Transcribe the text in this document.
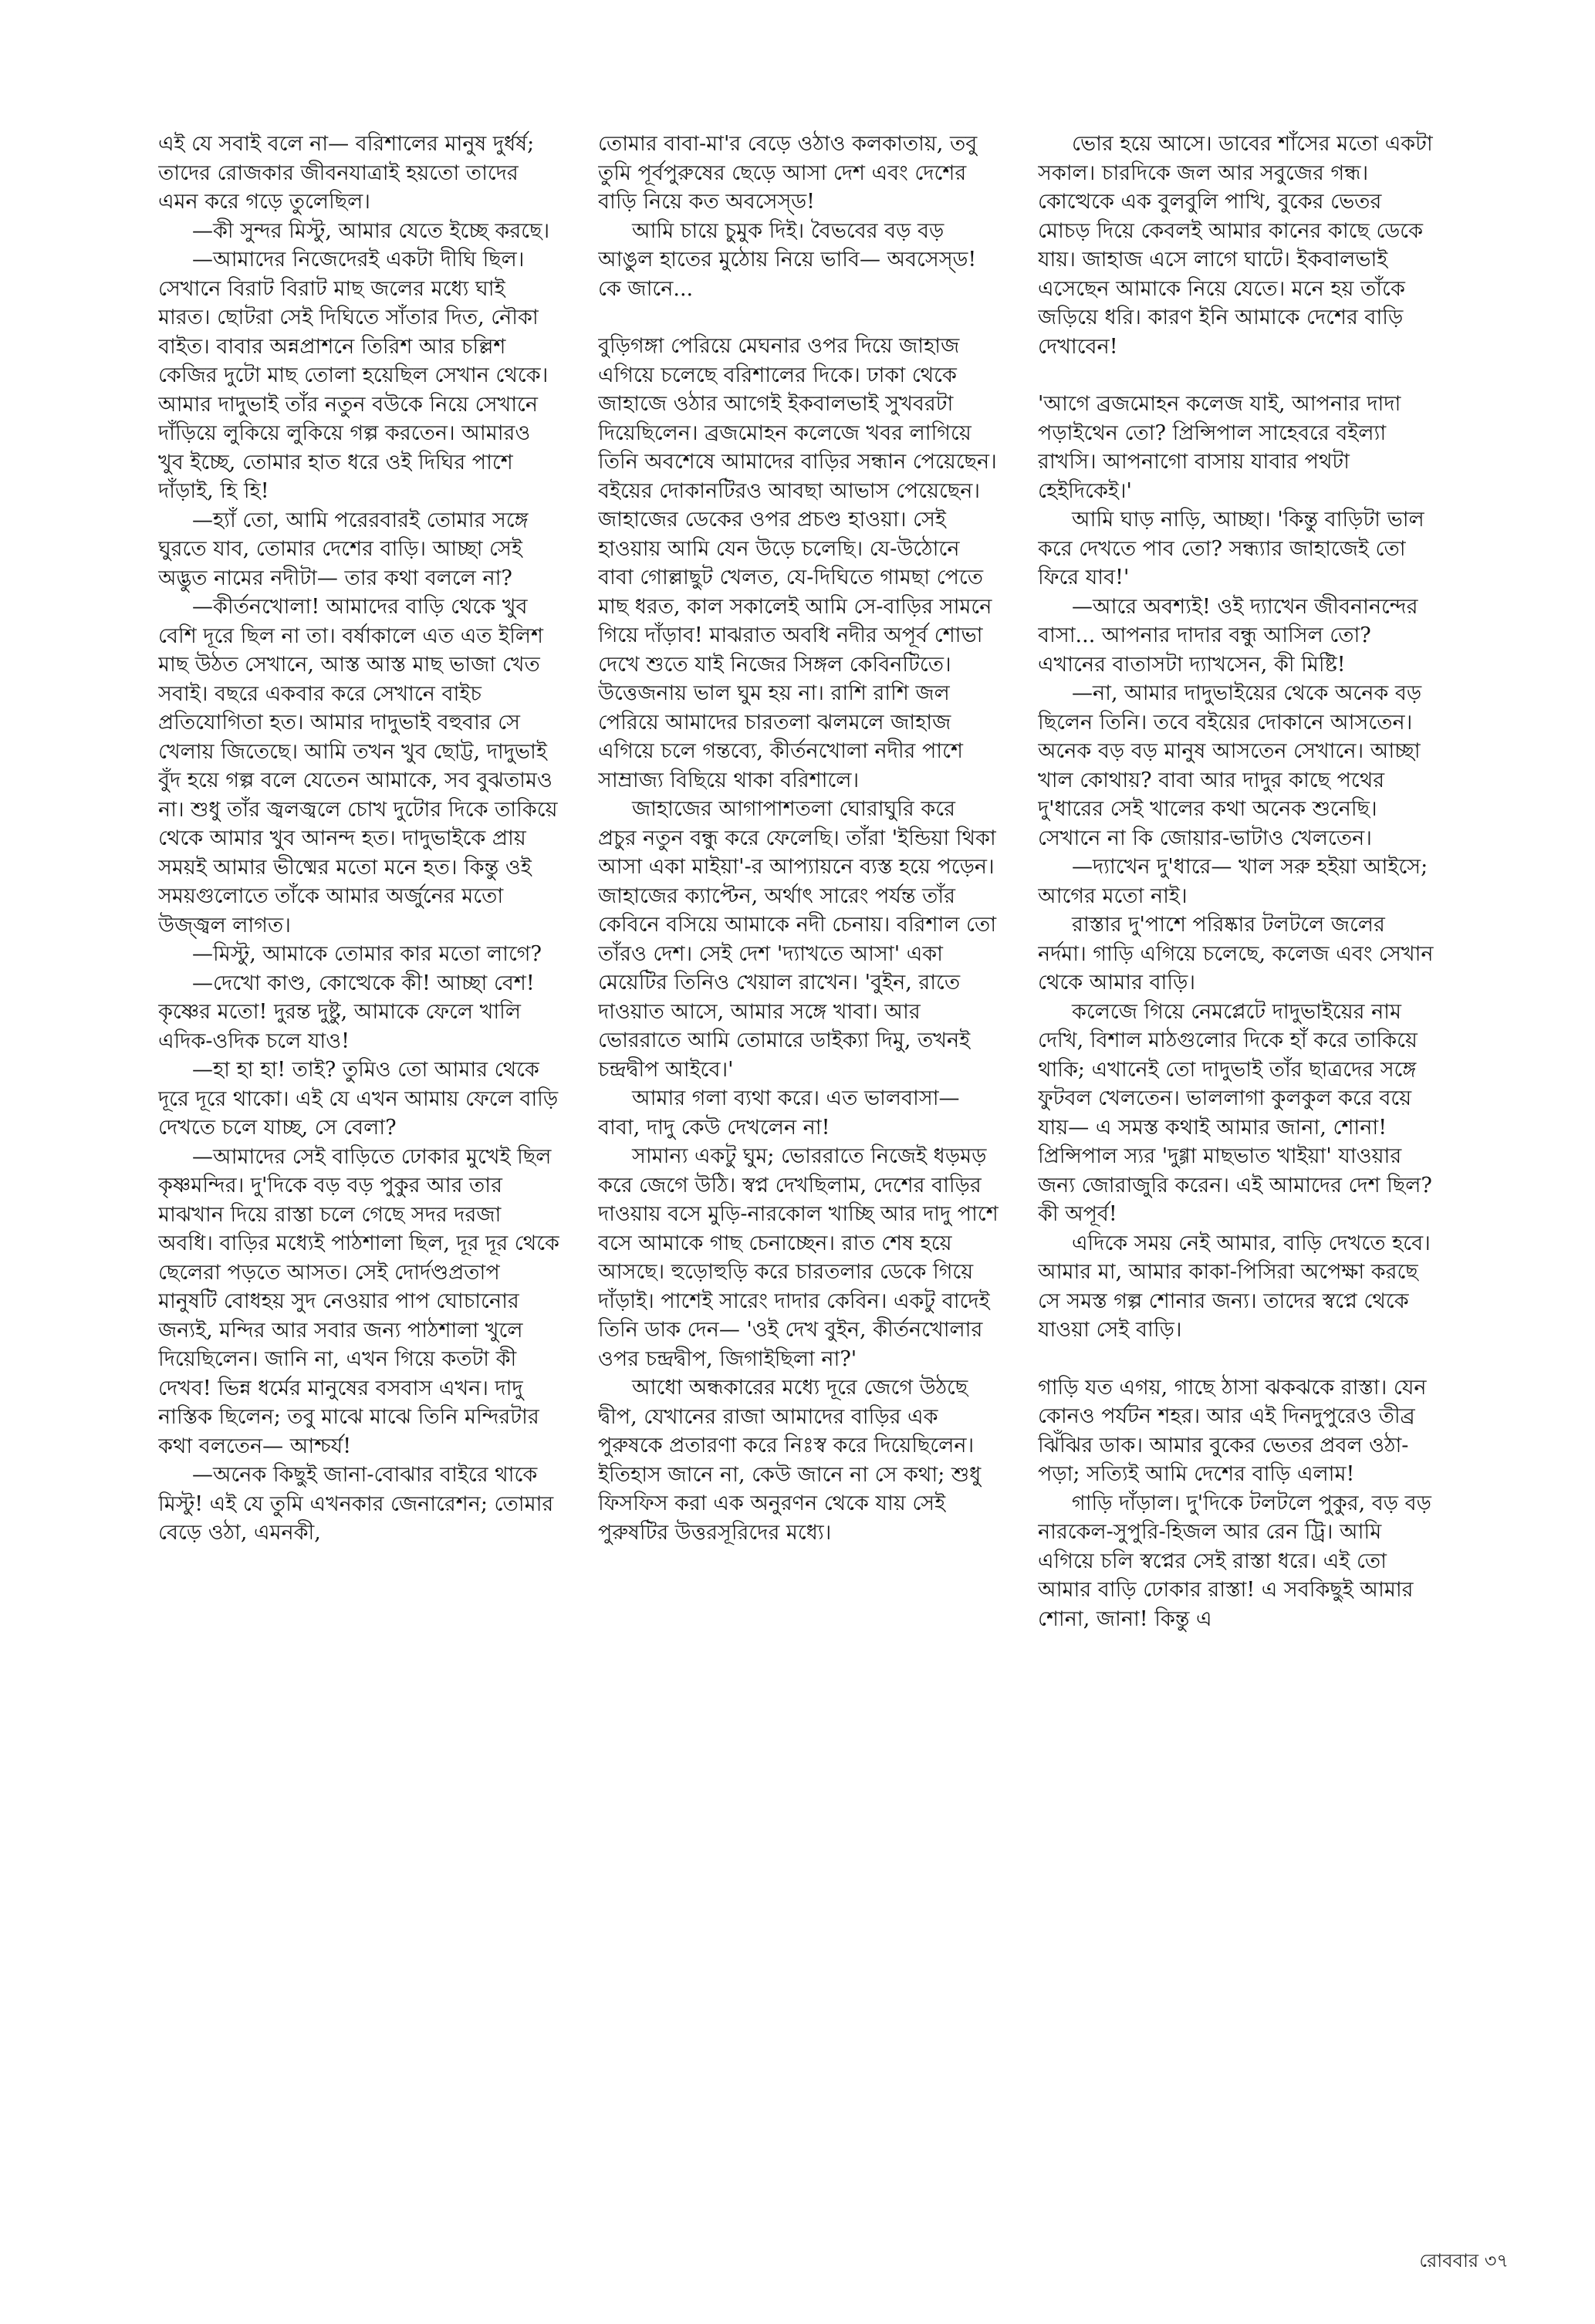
এই যে সবাই বলে না— বরিশালের মানুষ দুর্ধর্ষ; তাদের রোজকার জীবনযাত্রাই হয়তো তাদের এমন করে গড়ে তুলেছিল।

—কী সুন্দর মিস্টু, আমার যেতে ইচ্ছে করছে।

—আমাদের নিজেদেরই একটা দীঘি ছিল। সেখানে বিরাট বিরাট মাছ জলের মধ্যে ঘাই মারত। ছোটরা সেই দিঘিতে সাঁতার দিত, নৌকা বাইত। বাবার অন্নপ্রাশনে তিরিশ আর চল্লিশ কেজির দুটো মাছ তোলা হয়েছিল সেখান থেকে। আমার দাদুভাই তাঁর নতুন বউকে নিয়ে সেখানে দাঁড়িয়ে লুকিয়ে লুকিয়ে গল্প করতেন। আমারও খুব ইচ্ছে, তোমার হাত ধরে ওই দিঘির পাশে দাঁড়াই, হি হি!

—হ্যাঁ তো, আমি পরেরবারই তোমার সঙ্গে ঘুরতে যাব, তোমার দেশের বাড়ি। আচ্ছা সেই অদ্ভুত নামের নদীটা— তার কথা বললে না?

—কীর্তনখোলা! আমাদের বাড়ি থেকে খুব বেশি দূরে ছিল না তা। বর্ষাকালে এত এত ইলিশ মাছ উঠত সেখানে, আস্ত আস্ত মাছ ভাজা খেত সবাই। বছরে একবার করে সেখানে বাইচ প্রতিযোগিতা হত। আমার দাদুভাই বহুবার সে খেলায় জিতেছে। আমি তখন খুব ছোট্ট, দাদুভাই বুঁদ হয়ে গল্প বলে যেতেন আমাকে, সব বুঝতামও না। শুধু তাঁর জ্বলজ্বলে চোখ দুটোর দিকে তাকিয়ে থেকে আমার খুব আনন্দ হত। দাদুভাইকে প্রায় সময়ই আমার ভীষ্মের মতো মনে হত। কিন্তু ওই সময়গুলোতে তাঁকে আমার অর্জুনের মতো উজ্জ্বল লাগত।

—মিস্টু, আমাকে তোমার কার মতো লাগে?

—দেখো কাণ্ড, কোত্থেকে কী! আচ্ছা বেশ! কৃষ্ণের মতো! দুরন্ত দুষ্টু, আমাকে ফেলে খালি এদিক-ওদিক চলে যাও!

—হা হা হা! তাই? তুমিও তো আমার থেকে দূরে দূরে থাকো। এই যে এখন আমায় ফেলে বাড়ি দেখতে চলে যাচ্ছ, সে বেলা?

—আমাদের সেই বাড়িতে ঢোকার মুখেই ছিল কৃষ্ণমন্দির। দু'দিকে বড় বড় পুকুর আর তার মাঝখান দিয়ে রাস্তা চলে গেছে সদর দরজা অবধি। বাড়ির মধ্যেই পাঠশালা ছিল, দূর দূর থেকে ছেলেরা পড়তে আসত। সেই দোর্দণ্ডপ্রতাপ মানুষটি বোধহয় সুদ নেওয়ার পাপ ঘোচানোর জন্যই, মন্দির আর সবার জন্য পাঠশালা খুলে দিয়েছিলেন। জানি না, এখন গিয়ে কতটা কী দেখব! ভিন্ন ধর্মের মানুষের বসবাস এখন। দাদু নাস্তিক ছিলেন; তবু মাঝে মাঝে তিনি মন্দিরটার কথা বলতেন— আশ্চর্য!

—অনেক কিছুই জানা-বোঝার বাইরে থাকে মিস্টু! এই যে তুমি এখনকার জেনারেশন; তোমার বেড়ে ওঠা, এমনকী,

তোমার বাবা-মা'র বেড়ে ওঠাও কলকাতায়, তবু তুমি পূর্বপুরুষের ছেড়ে আসা দেশ এবং দেশের বাড়ি নিয়ে কত অবসেস্ড!

আমি চায়ে চুমুক দিই। বৈভবের বড় বড় আঙুল হাতের মুঠোয় নিয়ে ভাবি— অবসেস্ড! কে জানে...

বুড়িগঙ্গা পেরিয়ে মেঘনার ওপর দিয়ে জাহাজ এগিয়ে চলেছে বরিশালের দিকে। ঢাকা থেকে জাহাজে ওঠার আগেই ইকবালভাই সুখবরটা দিয়েছিলেন। ব্রজমোহন কলেজে খবর লাগিয়ে তিনি অবশেষে আমাদের বাড়ির সন্ধান পেয়েছেন। বইয়ের দোকানটিরও আবছা আভাস পেয়েছেন। জাহাজের ডেকের ওপর প্রচণ্ড হাওয়া। সেই হাওয়ায় আমি যেন উড়ে চলেছি। যে-উঠোনে বাবা গোল্লাছুট খেলত, যে-দিঘিতে গামছা পেতে মাছ ধরত, কাল সকালেই আমি সে-বাড়ির সামনে গিয়ে দাঁড়াব! মাঝরাত অবধি নদীর অপূর্ব শোভা দেখে শুতে যাই নিজের সিঙ্গল কেবিনটিতে। উত্তেজনায় ভাল ঘুম হয় না। রাশি রাশি জল পেরিয়ে আমাদের চারতলা ঝলমলে জাহাজ এগিয়ে চলে গন্তব্যে, কীর্তনখোলা নদীর পাশে সাম্রাজ্য বিছিয়ে থাকা বরিশালে।

জাহাজের আগাপাশতলা ঘোরাঘুরি করে প্রচুর নতুন বন্ধু করে ফেলেছি। তাঁরা 'ইন্ডিয়া থিকা আসা একা মাইয়া'-র আপ্যায়নে ব্যস্ত হয়ে পড়েন। জাহাজের ক্যাপ্টেন, অর্থাৎ সারেং পর্যন্ত তাঁর কেবিনে বসিয়ে আমাকে নদী চেনায়। বরিশাল তো তাঁরও দেশ। সেই দেশ 'দ্যাখতে আসা' একা মেয়েটির তিনিও খেয়াল রাখেন। 'বুইন, রাতে দাওয়াত আসে, আমার সঙ্গে খাবা। আর ভোররাতে আমি তোমারে ডাইক্যা দিমু, তখনই চন্দ্রদ্বীপ আইবে।'

আমার গলা ব্যথা করে। এত ভালবাসা— বাবা, দাদু কেউ দেখলেন না!

সামান্য একটু ঘুম; ভোররাতে নিজেই ধড়মড় করে জেগে উঠি। স্বপ্ন দেখছিলাম, দেশের বাড়ির দাওয়ায় বসে মুড়ি-নারকোল খাচ্ছি আর দাদু পাশে বসে আমাকে গাছ চেনাচ্ছেন। রাত শেষ হয়ে আসছে। হুড়োহুড়ি করে চারতলার ডেকে গিয়ে দাঁড়াই। পাশেই সারেং দাদার কেবিন। একটু বাদেই তিনি ডাক দেন— 'ওই দেখ বুইন, কীর্তনখোলার ওপর চন্দ্রদ্বীপ, জিগাইছিলা না?'

আধো অন্ধকারের মধ্যে দূরে জেগে উঠছে দ্বীপ, যেখানের রাজা আমাদের বাড়ির এক পুরুষকে প্রতারণা করে নিঃস্ব করে দিয়েছিলেন। ইতিহাস জানে না, কেউ জানে না সে কথা; শুধু ফিসফিস করা এক অনুরণন থেকে যায় সেই পুরুষটির উত্তরসূরিদের মধ্যে।

ভোর হয়ে আসে। ডাবের শাঁসের মতো একটা সকাল। চারদিকে জল আর সবুজের গন্ধ। কোত্থেকে এক বুলবুলি পাখি, বুকের ভেতর মোচড় দিয়ে কেবলই আমার কানের কাছে ডেকে যায়। জাহাজ এসে লাগে ঘাটে। ইকবালভাই এসেছেন আমাকে নিয়ে যেতে। মনে হয় তাঁকে জড়িয়ে ধরি। কারণ ইনি আমাকে দেশের বাড়ি দেখাবেন!

'আগে ব্রজমোহন কলেজ যাই, আপনার দাদা পড়াইথেন তো? প্রিন্সিপাল সাহেবরে বইল্যা রাখসি। আপনাগো বাসায় যাবার পথটা হেইদিকেই।'

আমি ঘাড় নাড়ি, আচ্ছা। 'কিন্তু বাড়িটা ভাল করে দেখতে পাব তো? সন্ধ্যার জাহাজেই তো ফিরে যাব!'

—আরে অবশ্যই! ওই দ্যাখেন জীবনানন্দের বাসা... আপনার দাদার বন্ধু আসিল তো? এখানের বাতাসটা দ্যাখসেন, কী মিষ্টি!

—না, আমার দাদুভাইয়ের থেকে অনেক বড় ছিলেন তিনি। তবে বইয়ের দোকানে আসতেন। অনেক বড় বড় মানুষ আসতেন সেখানে। আচ্ছা খাল কোথায়? বাবা আর দাদুর কাছে পথের দু'ধারের সেই খালের কথা অনেক শুনেছি। সেখানে না কি জোয়ার-ভাটাও খেলতেন।

—দ্যাখেন দু'ধারে— খাল সরু হইয়া আইসে; আগের মতো নাই।

রাস্তার দু'পাশে পরিষ্কার টলটলে জলের নর্দমা। গাড়ি এগিয়ে চলেছে, কলেজ এবং সেখান থেকে আমার বাড়ি।

কলেজে গিয়ে নেমপ্লেটে দাদুভাইয়ের নাম দেখি, বিশাল মাঠগুলোর দিকে হাঁ করে তাকিয়ে থাকি; এখানেই তো দাদুভাই তাঁর ছাত্রদের সঙ্গে ফুটবল খেলতেন। ভাললাগা কুলকুল করে বয়ে যায়— এ সমস্ত কথাই আমার জানা, শোনা! প্রিন্সিপাল স্যর 'দুগ্গা মাছভাত খাইয়া' যাওয়ার জন্য জোরাজুরি করেন। এই আমাদের দেশ ছিল? কী অপূর্ব!

এদিকে সময় নেই আমার, বাড়ি দেখতে হবে। আমার মা, আমার কাকা-পিসিরা অপেক্ষা করছে সে সমস্ত গল্প শোনার জন্য। তাদের স্বপ্নে থেকে যাওয়া সেই বাড়ি।

গাড়ি যত এগয়, গাছে ঠাসা ঝকঝকে রাস্তা। যেন কোনও পর্যটন শহর। আর এই দিনদুপুরেও তীব্র ঝিঁঝির ডাক। আমার বুকের ভেতর প্রবল ওঠা-পড়া; সত্যিই আমি দেশের বাড়ি এলাম!

গাড়ি দাঁড়াল। দু'দিকে টলটলে পুকুর, বড় বড় নারকেল-সুপুরি-হিজল আর রেন ট্রি। আমি এগিয়ে চলি স্বপ্নের সেই রাস্তা ধরে। এই তো আমার বাড়ি ঢোকার রাস্তা! এ সবকিছুই আমার শোনা, জানা! কিন্তু এ

রোববার ৩৭
